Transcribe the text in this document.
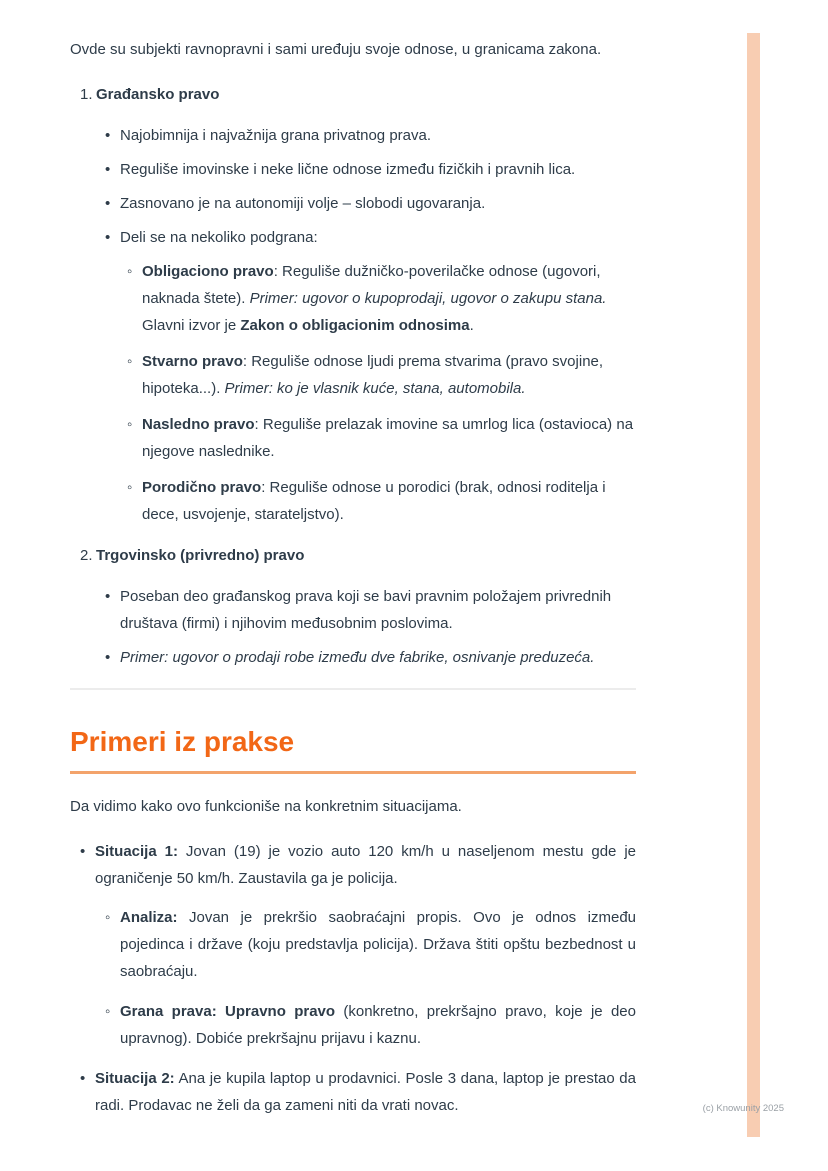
Ovde su subjekti ravnopravni i sami uređuju svoje odnose, u granicama zakona.

1. Građansko pravo
• Najobimnija i najvažnija grana privatnog prava.

• Reguliše imovinske i neke lične odnose između fizičkih i pravnih lica.

• Zasnovano je na autonomiji volje – slobodi ugovaranja.

• Deli se na nekoliko podgrana:

◦ Obligaciono pravo: Reguliše dužničko-poverilačke odnose (ugovori, naknada štete). Primer: ugovor o kupoprodaji, ugovor o zakupu stana. Glavni izvor je Zakon o obligacionim odnosima.

◦ Stvarno pravo: Reguliše odnose ljudi prema stvarima (pravo svojine, hipoteka...). Primer: ko je vlasnik kuće, stana, automobila.

◦ Nasledno pravo: Reguliše prelazak imovine sa umrlog lica (ostavioca) na njegove naslednike.

◦ Porodično pravo: Reguliše odnose u porodici (brak, odnosi roditelja i dece, usvojenje, starateljstvo).

2. Trgovinsko (privredno) pravo
• Poseban deo građanskog prava koji se bavi pravnim položajem privrednih društava (firmi) i njihovim međusobnim poslovima.

• Primer: ugovor o prodaji robe između dve fabrike, osnivanje preduzeća.

Primeri iz prakse

Da vidimo kako ovo funkcioniše na konkretnim situacijama.

• Situacija 1: Jovan (19) je vozio auto 120 km/h u naseljenom mestu gde je ograničenje 50 km/h. Zaustavila ga je policija.

◦ Analiza: Jovan je prekršio saobraćajni propis. Ovo je odnos između pojedinca i države (koju predstavlja policija). Država štiti opštu bezbednost u saobraćaju.

◦ Grana prava: Upravno pravo (konkretno, prekršajno pravo, koje je deo upravnog). Dobiće prekršajnu prijavu i kaznu.

• Situacija 2: Ana je kupila laptop u prodavnici. Posle 3 dana, laptop je prestao da radi. Prodavac ne želi da ga zameni niti da vrati novac.	(c) Knowunity 2025
